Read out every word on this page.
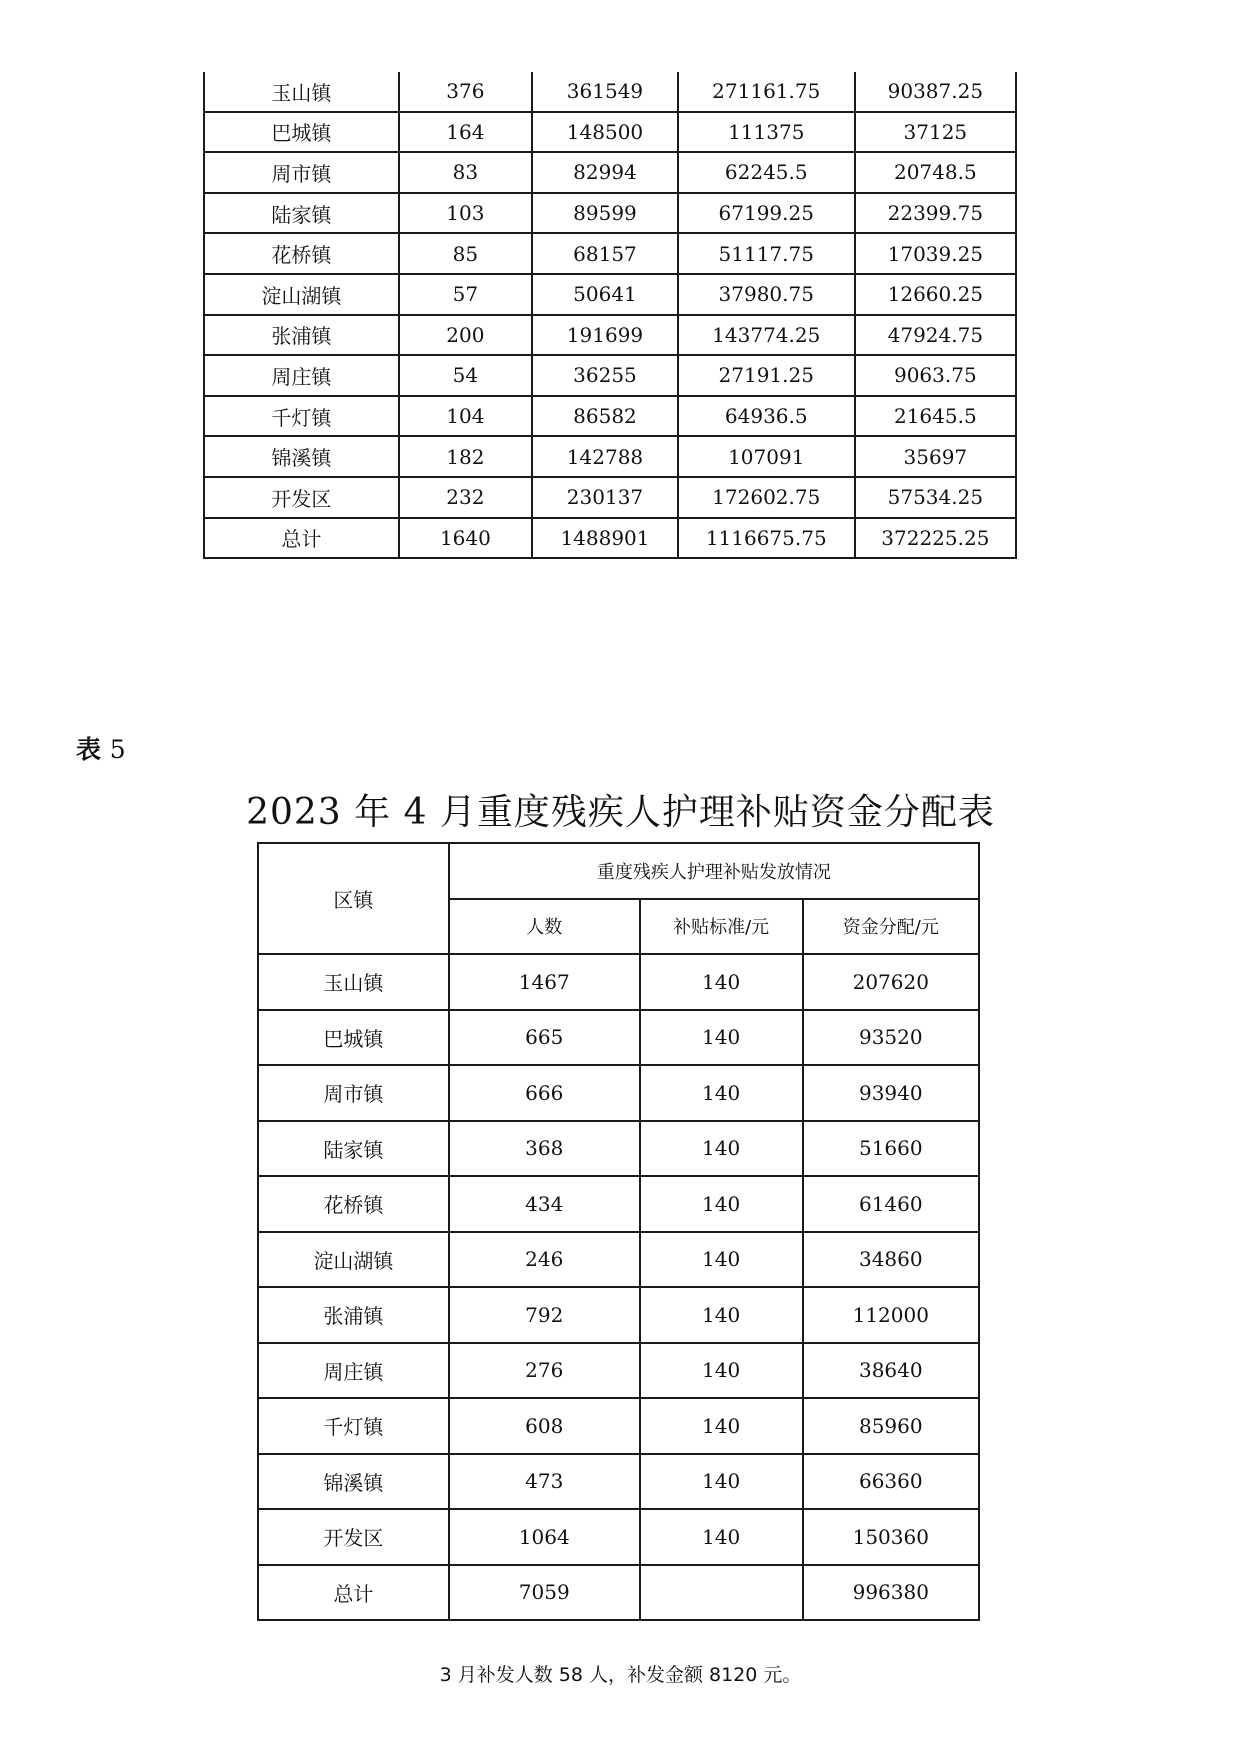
玉山镇	376	361549	271161.75	90387.25
巴城镇	164	148500	111375	37125
周市镇	83	82994	62245.5	20748.5
陆家镇	103	89599	67199.25	22399.75
花桥镇	85	68157	51117.75	17039.25
淀山湖镇	57	50641	37980.75	12660.25
张浦镇	200	191699	143774.25	47924.75
周庄镇	54	36255	27191.25	9063.75
千灯镇	104	86582	64936.5	21645.5
锦溪镇	182	142788	107091	35697
开发区	232	230137	172602.75	57534.25
总计	1640	1488901	1116675.75	372225.25
表 5
2023 年 4 月重度残疾人护理补贴资金分配表
区镇	重度残疾人护理补贴发放情况		
	人数	补贴标准/元	资金分配/元
玉山镇	1467	140	207620
巴城镇	665	140	93520
周市镇	666	140	93940
陆家镇	368	140	51660
花桥镇	434	140	61460
淀山湖镇	246	140	34860
张浦镇	792	140	112000
周庄镇	276	140	38640
千灯镇	608	140	85960
锦溪镇	473	140	66360
开发区	1064	140	150360
总计	7059		996380
3 月补发人数 58 人，补发金额 8120 元。
